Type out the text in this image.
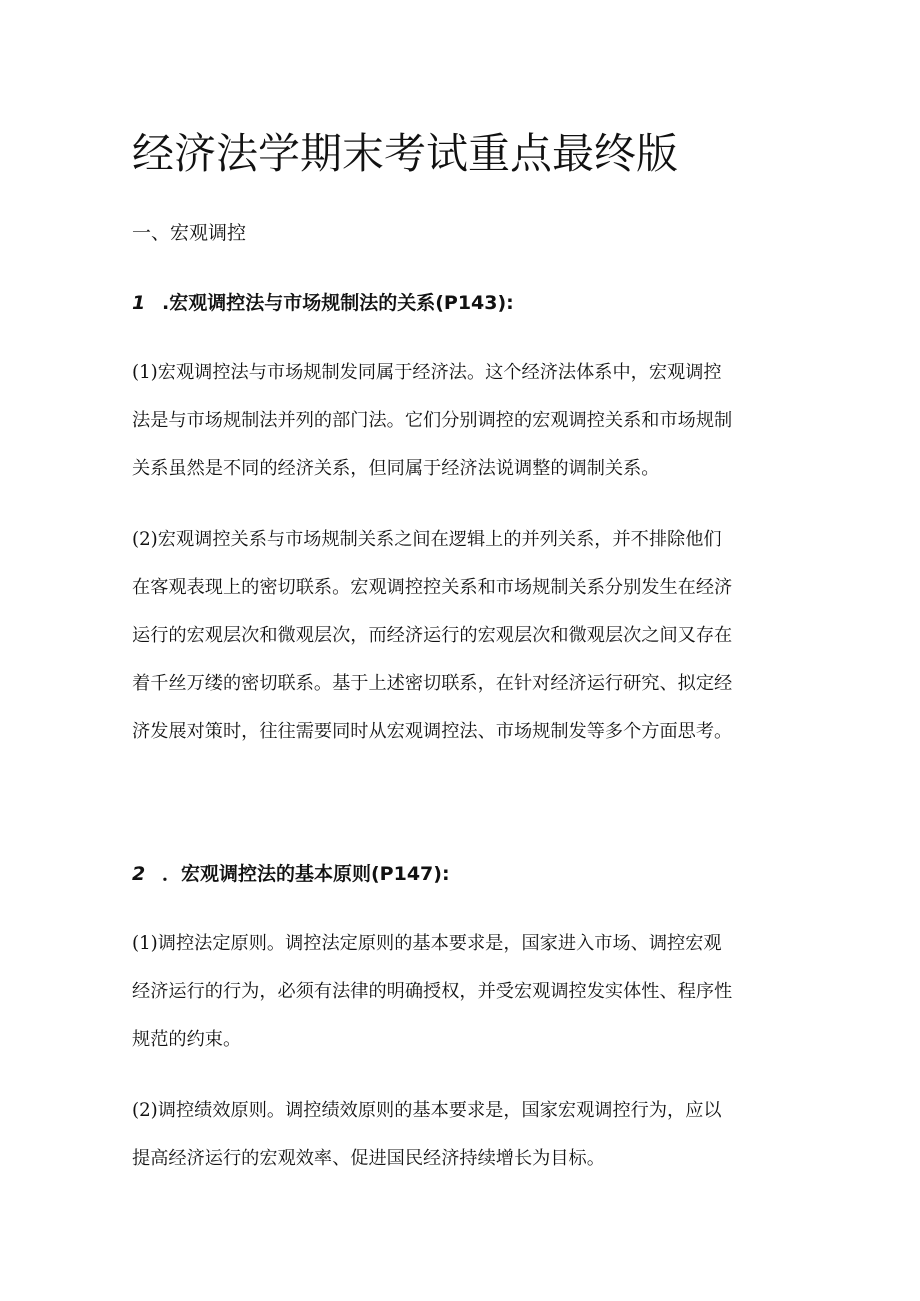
经济法学期末考试重点最终版
一、宏观调控
1 .宏观调控法与市场规制法的关系(P143):
(1)宏观调控法与市场规制发同属于经济法。这个经济法体系中，宏观调控
法是与市场规制法并列的部门法。它们分别调控的宏观调控关系和市场规制
关系虽然是不同的经济关系，但同属于经济法说调整的调制关系。
(2)宏观调控关系与市场规制关系之间在逻辑上的并列关系，并不排除他们
在客观表现上的密切联系。宏观调控控关系和市场规制关系分别发生在经济
运行的宏观层次和微观层次，而经济运行的宏观层次和微观层次之间又存在
着千丝万缕的密切联系。基于上述密切联系，在针对经济运行研究、拟定经
济发展对策时，往往需要同时从宏观调控法、市场规制发等多个方面思考。
2 ．宏观调控法的基本原则(P147):
(1)调控法定原则。调控法定原则的基本要求是，国家进入市场、调控宏观
经济运行的行为，必须有法律的明确授权，并受宏观调控发实体性、程序性
规范的约束。
(2)调控绩效原则。调控绩效原则的基本要求是，国家宏观调控行为，应以
提高经济运行的宏观效率、促进国民经济持续增长为目标。
